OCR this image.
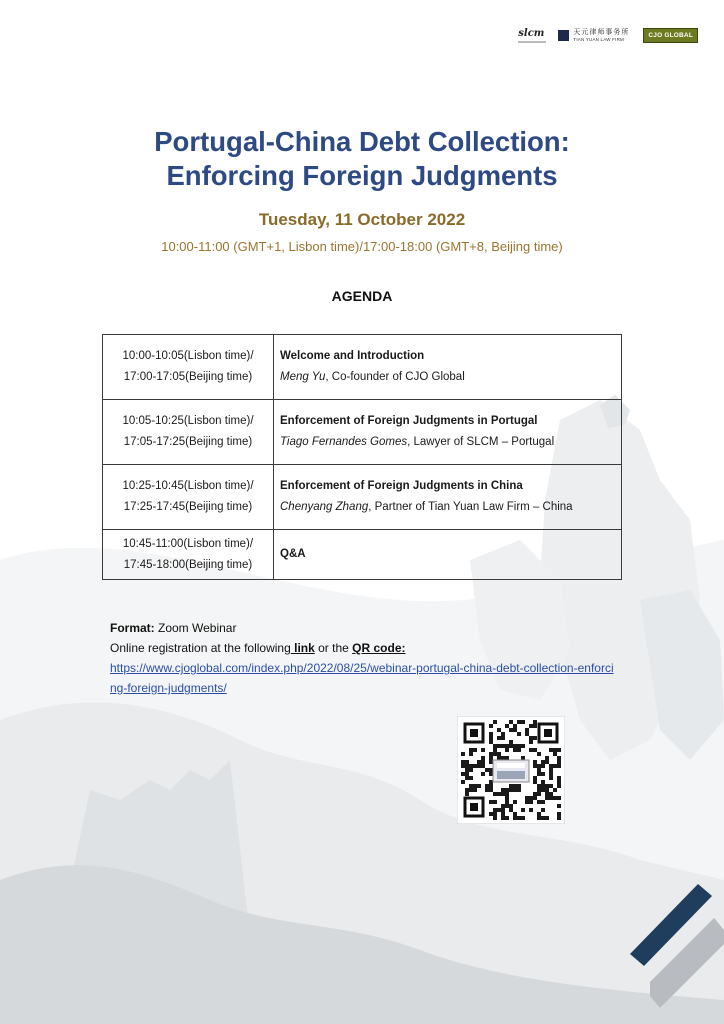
slcm	天元律师事务所
TIAN YUAN LAW FIRM
CJO GLOBAL
Portugal-China Debt Collection:
Enforcing Foreign Judgments

Tuesday, 11 October 2022

10:00-11:00 (GMT+1, Lisbon time)/17:00-18:00 (GMT+8, Beijing time)

AGENDA

10:00-10:05(Lisbon time)/
17:00-17:05(Beijing time)	Welcome and Introduction
Meng Yu, Co-founder of CJO Global

10:05-10:25(Lisbon time)/
17:05-17:25(Beijing time)	Enforcement of Foreign Judgments in Portugal
Tiago Fernandes Gomes, Lawyer of SLCM – Portugal

10:25-10:45(Lisbon time)/
17:25-17:45(Beijing time)	Enforcement of Foreign Judgments in China
Chenyang Zhang, Partner of Tian Yuan Law Firm – China

10:45-11:00(Lisbon time)/
17:45-18:00(Beijing time)	Q&A
Format: Zoom Webinar
Online registration at the following link or the QR code:
https://www.cjoglobal.com/index.php/2022/08/25/webinar-portugal-china-debt-collection-enforcing-foreign-judgments/
